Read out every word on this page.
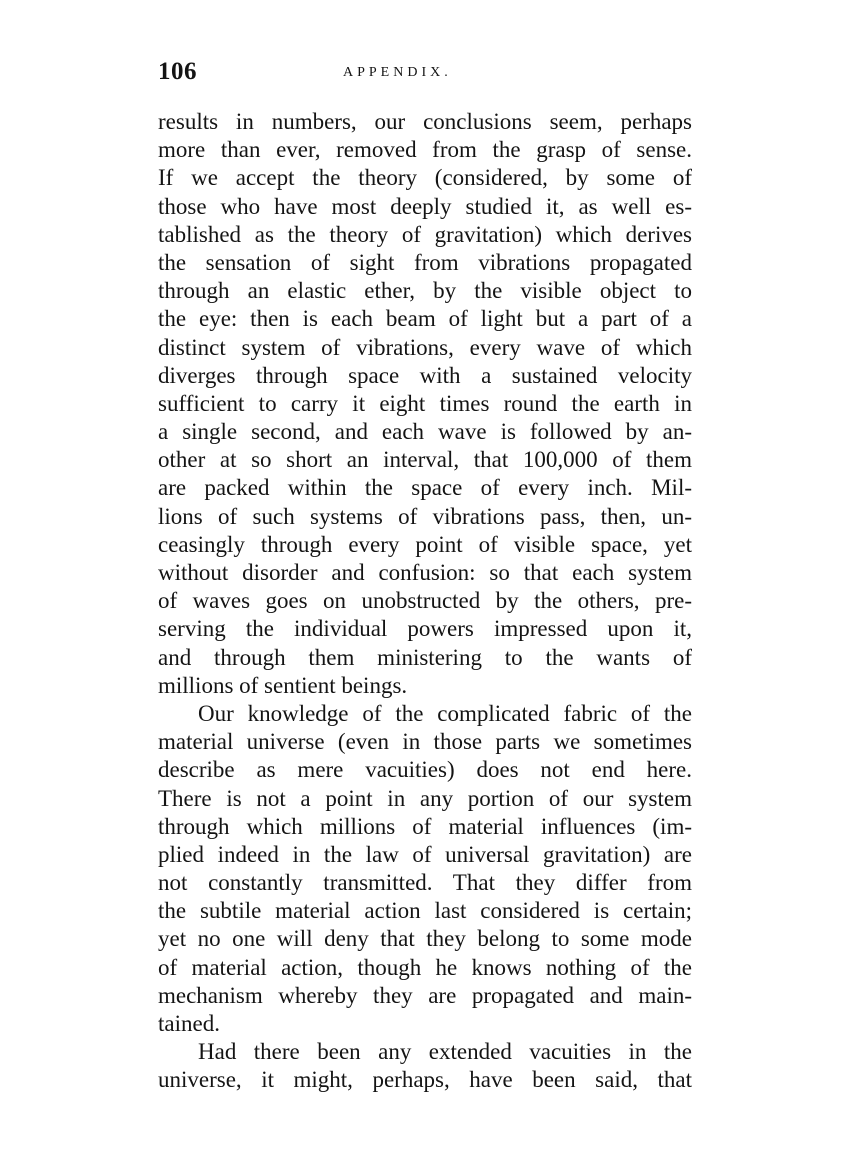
106	APPENDIX.
results in numbers, our conclusions seem, perhaps
more than ever, removed from the grasp of sense.
If we accept the theory (considered, by some of
those who have most deeply studied it, as well es-
tablished as the theory of gravitation) which derives
the sensation of sight from vibrations propagated
through an elastic ether, by the visible object to
the eye: then is each beam of light but a part of a
distinct system of vibrations, every wave of which
diverges through space with a sustained velocity
sufficient to carry it eight times round the earth in
a single second, and each wave is followed by an-
other at so short an interval, that 100,000 of them
are packed within the space of every inch. Mil-
lions of such systems of vibrations pass, then, un-
ceasingly through every point of visible space, yet
without disorder and confusion: so that each system
of waves goes on unobstructed by the others, pre-
serving the individual powers impressed upon it,
and through them ministering to the wants of
millions of sentient beings.
Our knowledge of the complicated fabric of the
material universe (even in those parts we sometimes
describe as mere vacuities) does not end here.
There is not a point in any portion of our system
through which millions of material influences (im-
plied indeed in the law of universal gravitation) are
not constantly transmitted. That they differ from
the subtile material action last considered is certain;
yet no one will deny that they belong to some mode
of material action, though he knows nothing of the
mechanism whereby they are propagated and main-
tained.
Had there been any extended vacuities in the
universe, it might, perhaps, have been said, that
